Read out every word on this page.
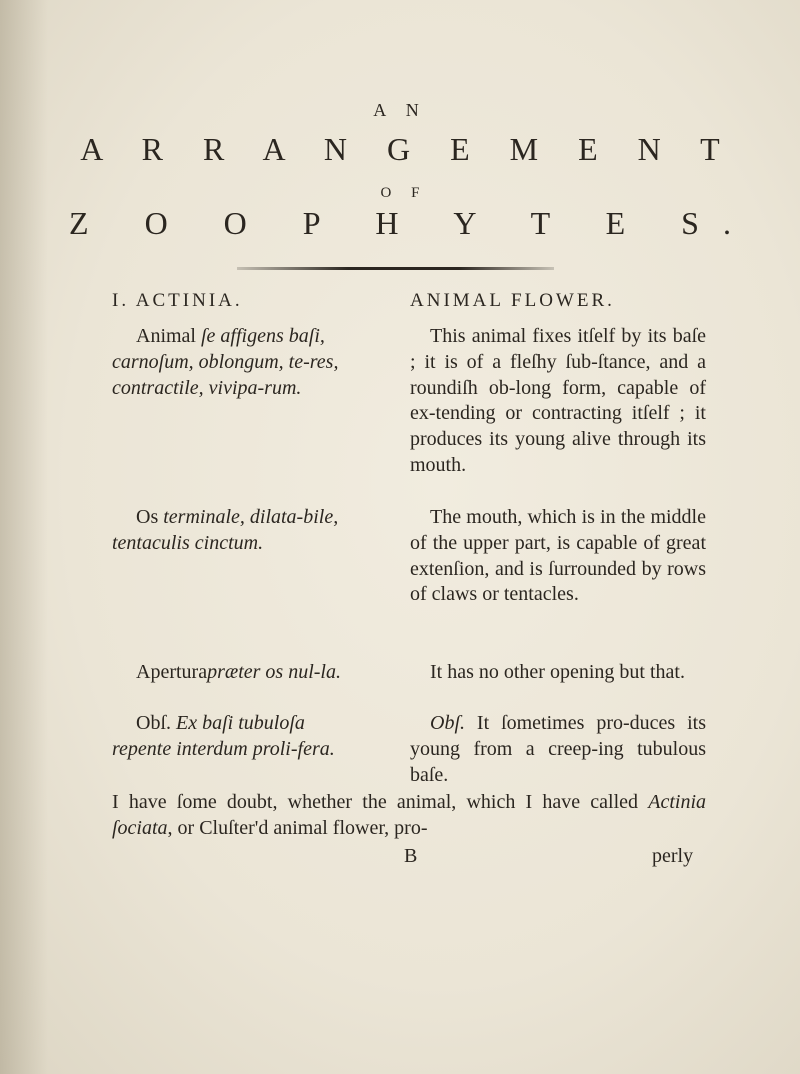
A N
A R R A N G E M E N T
O F
Z O O P H Y T E S.
I. ACTINIA.	ANIMAL FLOWER.

Animal ſe affigens baſi, carnoſum, oblongum, te-res, contractile, vivipa-rum.

Os terminale, dilata-bile, tentaculis cinctum.

Aperturapræter os nul-la.

Obſ. Ex baſi tubuloſa repente interdum proli-fera.

This animal fixes itſelf by its baſe ; it is of a fleſhy ſub-ſtance, and a roundiſh ob-long form, capable of ex-tending or contracting itſelf ; it produces its young alive through its mouth.

The mouth, which is in the middle of the upper part, is capable of great extenſion, and is ſurrounded by rows of claws or tentacles.

It has no other opening but that.

Obſ. It ſometimes pro-duces its young from a creep-ing tubulous baſe.

I have ſome doubt, whether the animal, which I have called Actinia ſociata, or Cluſter'd animal flower, pro-

B	perly
